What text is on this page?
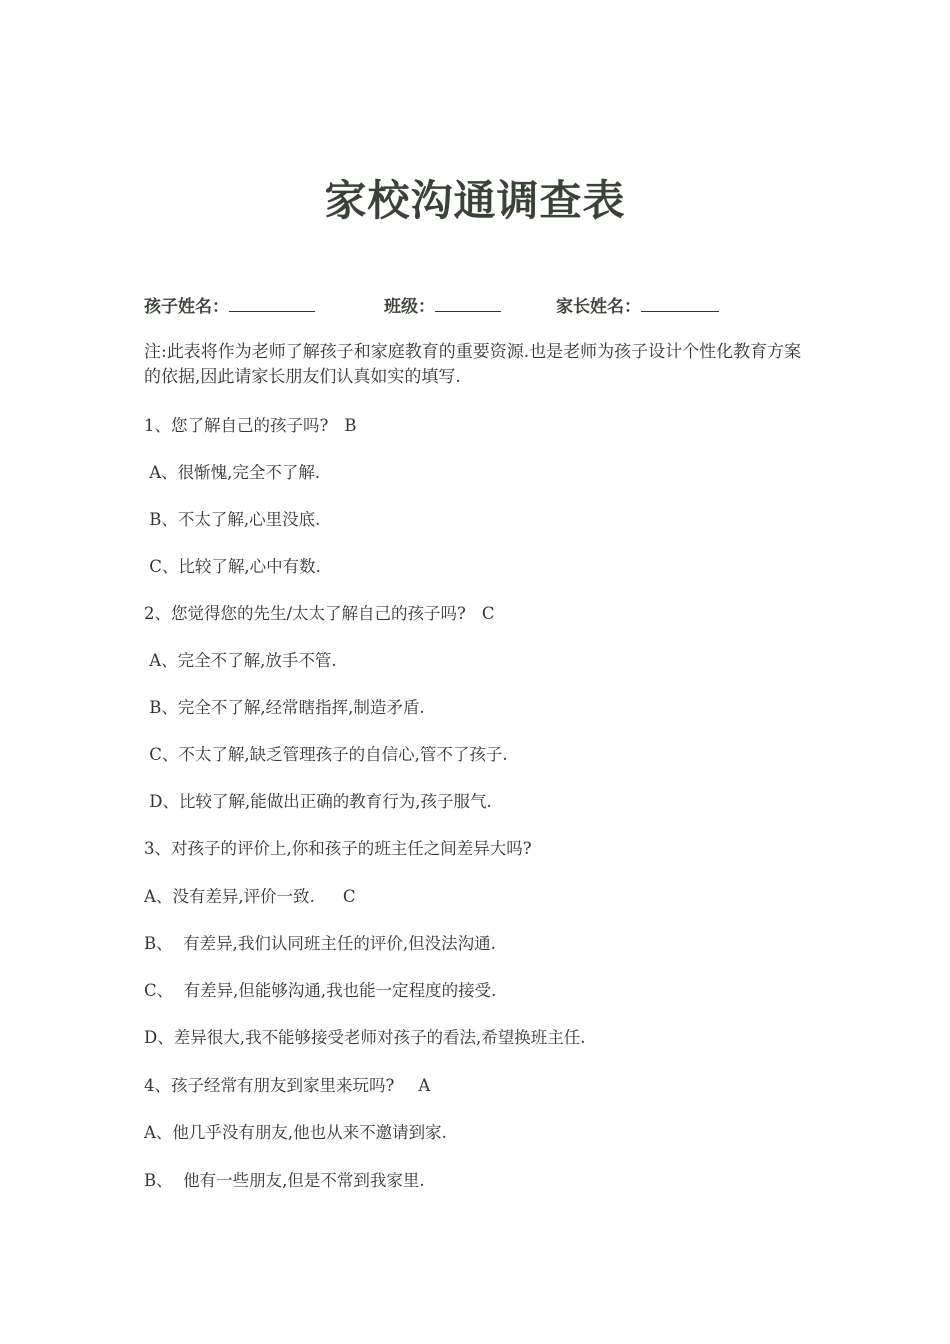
家校沟通调查表
孩子姓名：	班级：	家长姓名：
注:此表将作为老师了解孩子和家庭教育的重要资源.也是老师为孩子设计个性化教育方案的依据,因此请家长朋友们认真如实的填写.
1、您了解自己的孩子吗? B
A、很惭愧,完全不了解.
B、不太了解,心里没底.
C、比较了解,心中有数.
2、您觉得您的先生/太太了解自己的孩子吗? C
A、完全不了解,放手不管.
B、完全不了解,经常瞎指挥,制造矛盾.
C、不太了解,缺乏管理孩子的自信心,管不了孩子.
D、比较了解,能做出正确的教育行为,孩子服气.
3、对孩子的评价上,你和孩子的班主任之间差异大吗?
A、没有差异,评价一致. C
B、  有差异,我们认同班主任的评价,但没法沟通.
C、  有差异,但能够沟通,我也能一定程度的接受.
D、差异很大,我不能够接受老师对孩子的看法,希望换班主任.
4、孩子经常有朋友到家里来玩吗? A
A、他几乎没有朋友,他也从来不邀请到家.
B、  他有一些朋友,但是不常到我家里.
